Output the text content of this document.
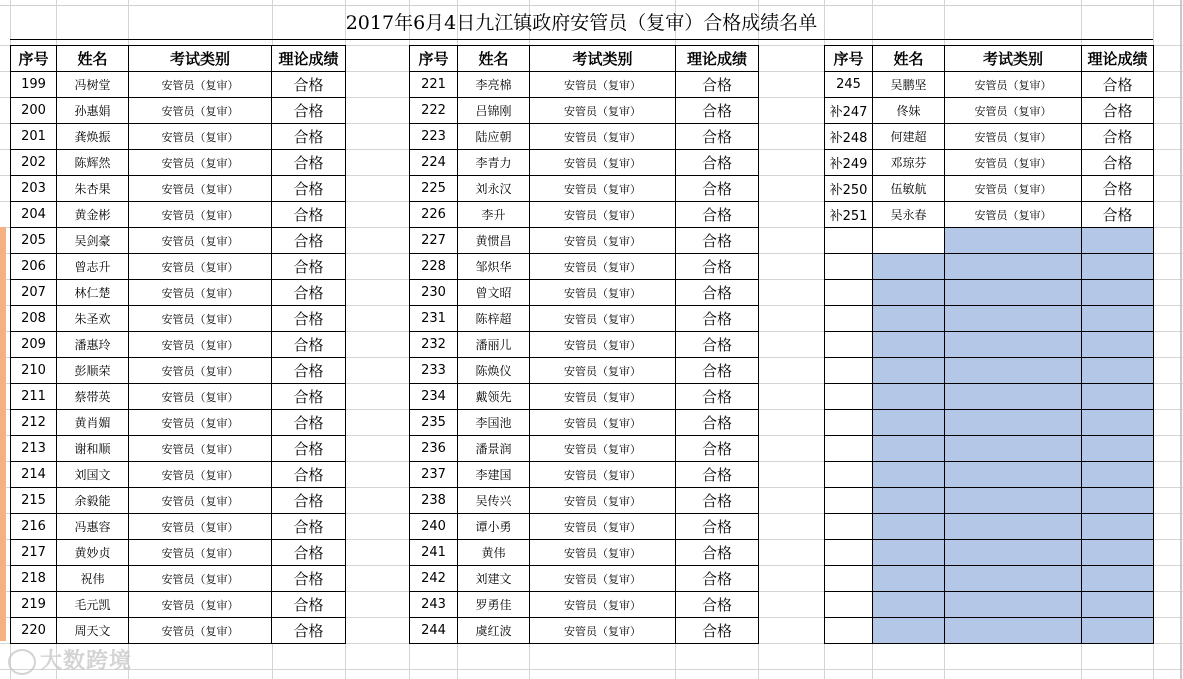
2017年6月4日九江镇政府安管员（复审）合格成绩名单
序号	姓名	考试类别	理论成绩
199	冯树堂	安管员（复审）	合格
200	孙惠娟	安管员（复审）	合格
201	龚焕振	安管员（复审）	合格
202	陈辉然	安管员（复审）	合格
203	朱杏果	安管员（复审）	合格
204	黄金彬	安管员（复审）	合格
205	吴剑豪	安管员（复审）	合格
206	曾志升	安管员（复审）	合格
207	林仁楚	安管员（复审）	合格
208	朱圣欢	安管员（复审）	合格
209	潘惠玲	安管员（复审）	合格
210	彭顺荣	安管员（复审）	合格
211	蔡帯英	安管员（复审）	合格
212	黄肖媚	安管员（复审）	合格
213	谢和顺	安管员（复审）	合格
214	刘国文	安管员（复审）	合格
215	余毅能	安管员（复审）	合格
216	冯惠容	安管员（复审）	合格
217	黄妙贞	安管员（复审）	合格
218	祝伟	安管员（复审）	合格
219	毛元凯	安管员（复审）	合格
220	周天文	安管员（复审）	合格
序号	姓名	考试类别	理论成绩
221	李亮棉	安管员（复审）	合格
222	吕锦刚	安管员（复审）	合格
223	陆应朝	安管员（复审）	合格
224	李青力	安管员（复审）	合格
225	刘永汉	安管员（复审）	合格
226	李升	安管员（复审）	合格
227	黄惯昌	安管员（复审）	合格
228	邹炽华	安管员（复审）	合格
230	曾文昭	安管员（复审）	合格
231	陈梓超	安管员（复审）	合格
232	潘丽儿	安管员（复审）	合格
233	陈焕仪	安管员（复审）	合格
234	戴领先	安管员（复审）	合格
235	李国池	安管员（复审）	合格
236	潘景润	安管员（复审）	合格
237	李建国	安管员（复审）	合格
238	吴传兴	安管员（复审）	合格
240	谭小勇	安管员（复审）	合格
241	黄伟	安管员（复审）	合格
242	刘建文	安管员（复审）	合格
243	罗勇佳	安管员（复审）	合格
244	虞红波	安管员（复审）	合格
序号	姓名	考试类别	理论成绩
245	吴鹏坚	安管员（复审）	合格
补247	佟妹	安管员（复审）	合格
补248	何建超	安管员（复审）	合格
补249	邓琼芬	安管员（复审）	合格
补250	伍敏航	安管员（复审）	合格
补251	吴永春	安管员（复审）	合格

大数跨境
